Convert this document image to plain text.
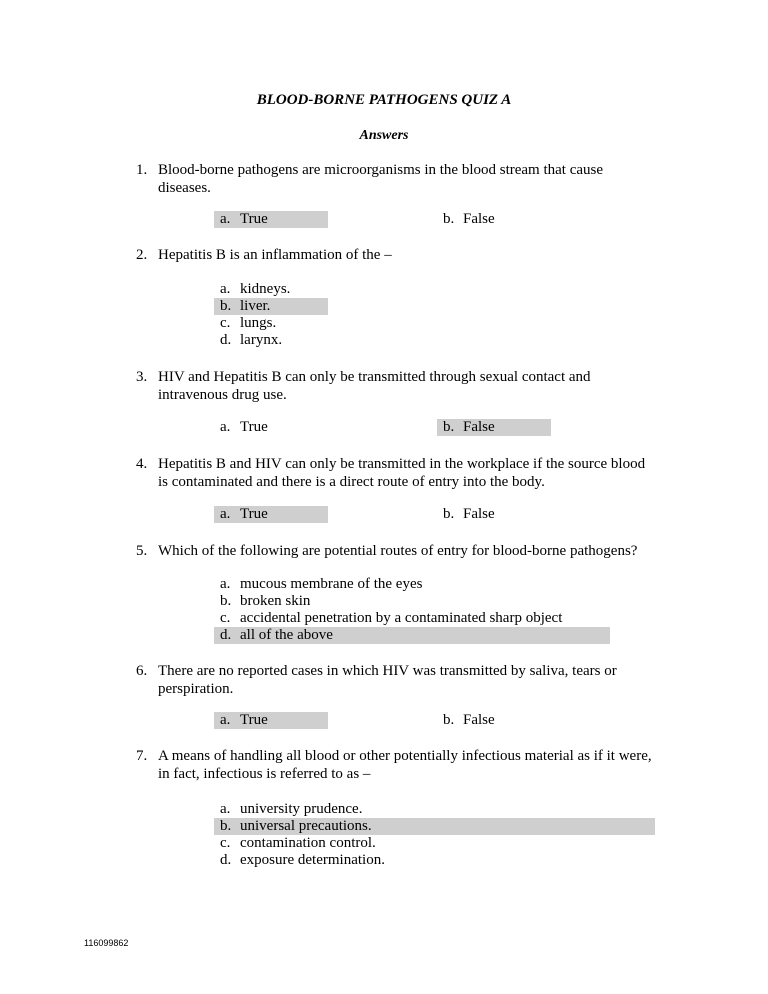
BLOOD-BORNE PATHOGENS QUIZ A
Answers
1. Blood-borne pathogens are microorganisms in the blood stream that cause diseases.
a. True	b. False
2. Hepatitis B is an inflammation of the –
a. kidneys.
b. liver.
c. lungs.
d. larynx.
3. HIV and Hepatitis B can only be transmitted through sexual contact and intravenous drug use.
a. True	b. False
4. Hepatitis B and HIV can only be transmitted in the workplace if the source blood is contaminated and there is a direct route of entry into the body.
a. True	b. False
5. Which of the following are potential routes of entry for blood-borne pathogens?
a. mucous membrane of the eyes
b. broken skin
c. accidental penetration by a contaminated sharp object
d. all of the above
6. There are no reported cases in which HIV was transmitted by saliva, tears or perspiration.
a. True	b. False
7. A means of handling all blood or other potentially infectious material as if it were, in fact, infectious is referred to as –
a. university prudence.
b. universal precautions.
c. contamination control.
d. exposure determination.
116099862
